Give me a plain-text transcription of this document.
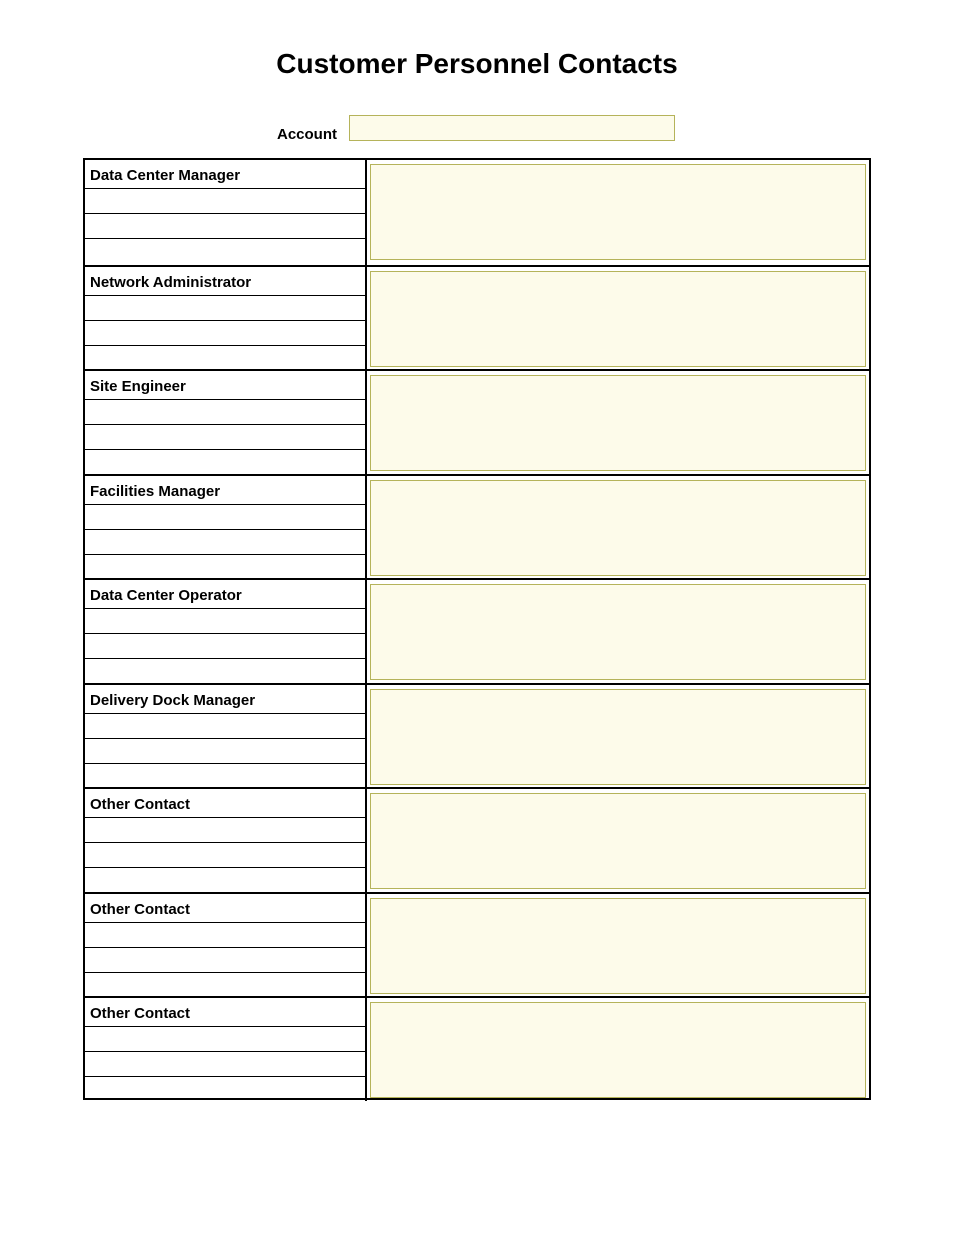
Customer Personnel Contacts
Account
Data Center Manager
Network Administrator
Site Engineer
Facilities Manager
Data Center Operator
Delivery Dock Manager
Other Contact
Other Contact
Other Contact
